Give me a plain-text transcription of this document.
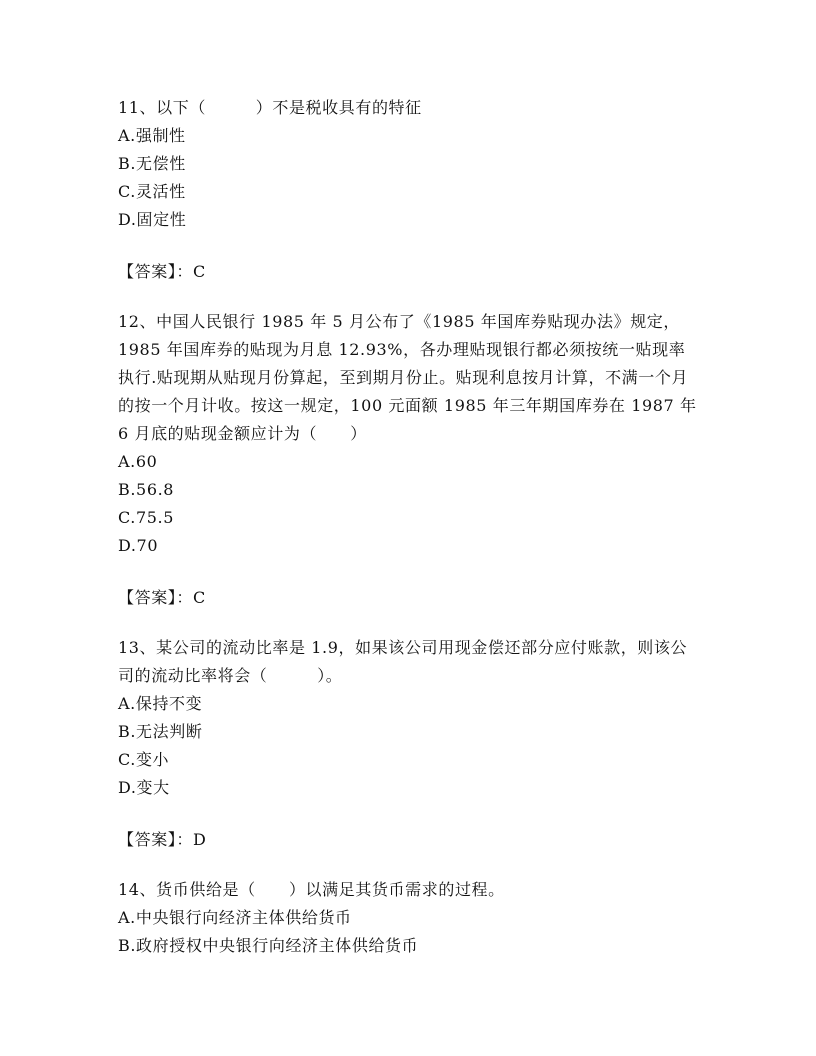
11、以下（　　　）不是税收具有的特征

A.强制性

B.无偿性

C.灵活性

D.固定性

【答案】：C

12、中国人民银行 1985 年 5 月公布了《1985 年国库券贴现办法》规定，1985 年国库券的贴现为月息 12.93%，各办理贴现银行都必须按统一贴现率执行.贴现期从贴现月份算起，至到期月份止。贴现利息按月计算，不满一个月的按一个月计收。按这一规定，100 元面额 1985 年三年期国库券在 1987 年 6 月底的贴现金额应计为（　　）

A.60

B.56.8

C.75.5

D.70

【答案】：C

13、某公司的流动比率是 1.9，如果该公司用现金偿还部分应付账款，则该公司的流动比率将会（　　　）。

A.保持不变

B.无法判断

C.变小

D.变大

【答案】：D

14、货币供给是（　　）以满足其货币需求的过程。

A.中央银行向经济主体供给货币

B.政府授权中央银行向经济主体供给货币
